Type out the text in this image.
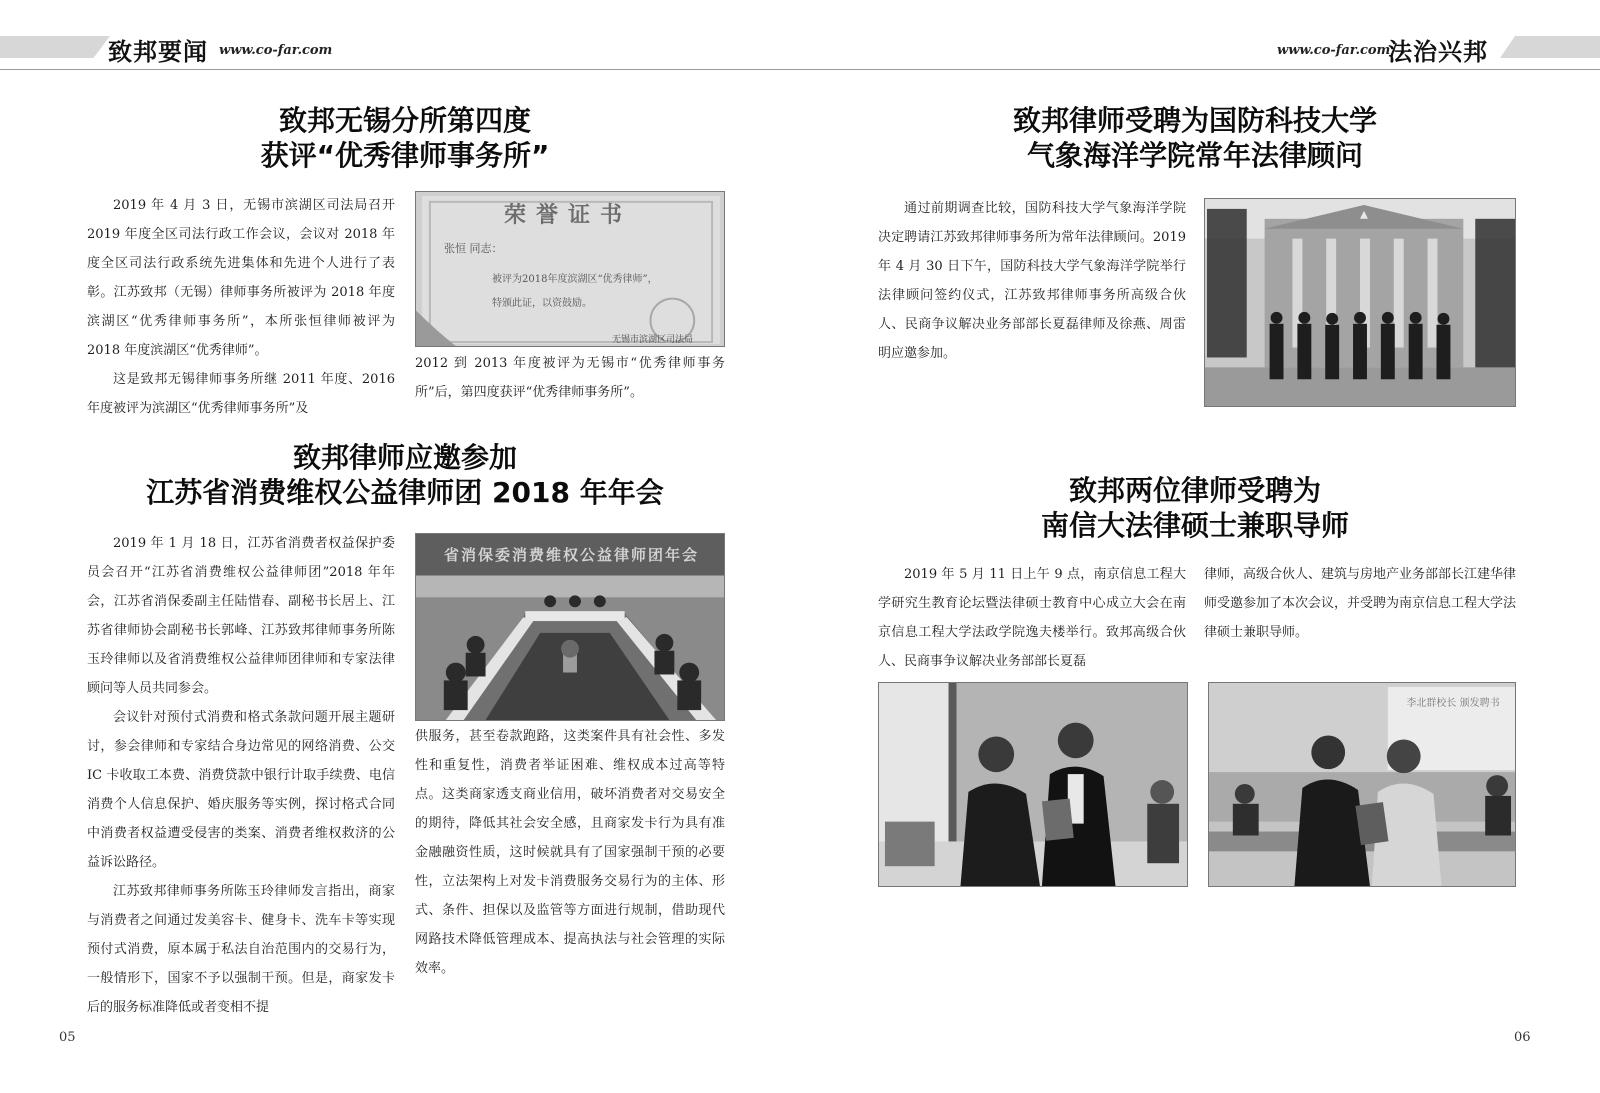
致邦要闻 www.co-far.com	www.co-far.com
法治兴邦
致邦无锡分所第四度
获评“优秀律师事务所”

2019 年 4 月 3 日，无锡市滨湖区司法局召开 2019 年度全区司法行政工作会议，会议对 2018 年度全区司法行政系统先进集体和先进个人进行了表彰。江苏致邦（无锡）律师事务所被评为 2018 年度滨湖区“优秀律师事务所”，本所张恒律师被评为 2018 年度滨湖区“优秀律师”。

这是致邦无锡律师事务所继 2011 年度、2016 年度被评为滨湖区“优秀律师事务所”及

荣誉证书
张恒 同志：
被评为2018年度滨湖区“优秀律师”，
特颁此证，以资鼓励。
无锡市滨湖区司法局

2012 到 2013 年度被评为无锡市“优秀律师事务所”后，第四度获评“优秀律师事务所”。

致邦律师应邀参加
江苏省消费维权公益律师团 2018 年年会

2019 年 1 月 18 日，江苏省消费者权益保护委员会召开“江苏省消费维权公益律师团”2018 年年会，江苏省消保委副主任陆惜春、副秘书长居上、江苏省律师协会副秘书长郭峰、江苏致邦律师事务所陈玉玲律师以及省消费维权公益律师团律师和专家法律顾问等人员共同参会。

会议针对预付式消费和格式条款问题开展主题研讨，参会律师和专家结合身边常见的网络消费、公交 IC 卡收取工本费、消费贷款中银行计取手续费、电信消费个人信息保护、婚庆服务等实例，探讨格式合同中消费者权益遭受侵害的类案、消费者维权救济的公益诉讼路径。

江苏致邦律师事务所陈玉玲律师发言指出，商家与消费者之间通过发美容卡、健身卡、洗车卡等实现预付式消费，原本属于私法自治范围内的交易行为，一般情形下，国家不予以强制干预。但是，商家发卡后的服务标准降低或者变相不提

省消保委消费维权公益律师团年会

供服务，甚至卷款跑路，这类案件具有社会性、多发性和重复性，消费者举证困难、维权成本过高等特点。这类商家透支商业信用，破坏消费者对交易安全的期待，降低其社会安全感，且商家发卡行为具有准金融融资性质，这时候就具有了国家强制干预的必要性，立法架构上对发卡消费服务交易行为的主体、形式、条件、担保以及监管等方面进行规制，借助现代网路技术降低管理成本、提高执法与社会管理的实际效率。

05
致邦律师受聘为国防科技大学
气象海洋学院常年法律顾问

通过前期调查比较，国防科技大学气象海洋学院决定聘请江苏致邦律师事务所为常年法律顾问。2019 年 4 月 30 日下午，国防科技大学气象海洋学院举行法律顾问签约仪式，江苏致邦律师事务所高级合伙人、民商争议解决业务部部长夏磊律师及徐燕、周雷明应邀参加。

致邦两位律师受聘为
南信大法律硕士兼职导师

2019 年 5 月 11 日上午 9 点，南京信息工程大学研究生教育论坛暨法律硕士教育中心成立大会在南京信息工程大学法政学院逸夫楼举行。致邦高级合伙人、民商事争议解决业务部部长夏磊

律师，高级合伙人、建筑与房地产业务部部长江建华律师受邀参加了本次会议，并受聘为南京信息工程大学法律硕士兼职导师。

李北群校长 颁发聘书
06
